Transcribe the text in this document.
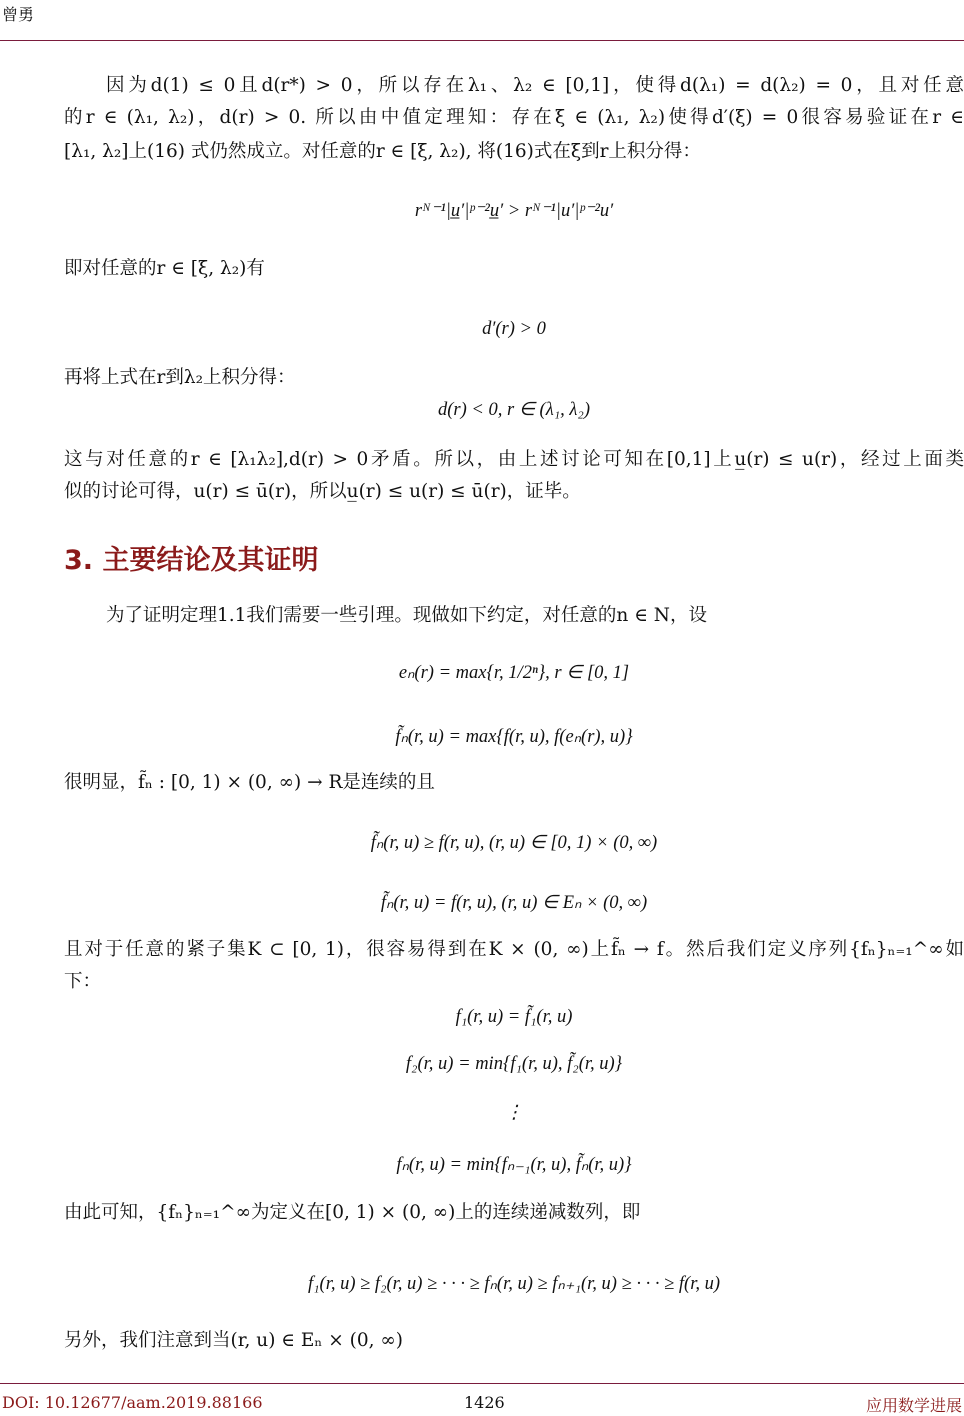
曾勇
因为d(1) ≤ 0且d(r*) > 0，所以存在λ₁、λ₂ ∈ [0,1]，使得d(λ₁) = d(λ₂) = 0，且对任意
的r ∈ (λ₁, λ₂)，d(r) > 0. 所以由中值定理知：存在ξ ∈ (λ₁, λ₂)使得d′(ξ) = 0很容易验证在r ∈
[λ₁, λ₂]上(16) 式仍然成立。对任意的r ∈ [ξ, λ₂), 将(16)式在ξ到r上积分得：
rᴺ⁻¹|u̲′|ᵖ⁻²u̲′ > rᴺ⁻¹|u′|ᵖ⁻²u′
即对任意的r ∈ [ξ, λ₂)有
d′(r) > 0
再将上式在r到λ₂上积分得：
d(r) < 0, r ∈ (λ₁, λ₂)
这与对任意的r ∈ [λ₁λ₂],d(r) > 0矛盾。所以，由上述讨论可知在[0,1]上u̲(r) ≤ u(r)，经过上面类
似的讨论可得，u(r) ≤ ū(r)，所以u̲(r) ≤ u(r) ≤ ū(r)，证毕。
3. 主要结论及其证明
为了证明定理1.1我们需要一些引理。现做如下约定，对任意的n ∈ N，设
eₙ(r) = max{r, 1/2ⁿ}, r ∈ [0, 1]
f̃ₙ(r, u) = max{f(r, u), f(eₙ(r), u)}
很明显，f̃ₙ : [0, 1) × (0, ∞) → R是连续的且
f̃ₙ(r, u) ≥ f(r, u), (r, u) ∈ [0, 1) × (0, ∞)
f̃ₙ(r, u) = f(r, u), (r, u) ∈ Eₙ × (0, ∞)
且对于任意的紧子集K ⊂ [0, 1)，很容易得到在K × (0, ∞)上f̃ₙ → f。然后我们定义序列{fₙ}ₙ₌₁^∞如
下：
f₁(r, u) = f̃₁(r, u)
f₂(r, u) = min{f₁(r, u), f̃₂(r, u)}
⋮
fₙ(r, u) = min{fₙ₋₁(r, u), f̃ₙ(r, u)}
由此可知，{fₙ}ₙ₌₁^∞为定义在[0, 1) × (0, ∞)上的连续递减数列，即
f₁(r, u) ≥ f₂(r, u) ≥ · · · ≥ fₙ(r, u) ≥ fₙ₊₁(r, u) ≥ · · · ≥ f(r, u)
另外，我们注意到当(r, u) ∈ Eₙ × (0, ∞)
DOI: 10.12677/aam.2019.88166	1426	应用数学进展
